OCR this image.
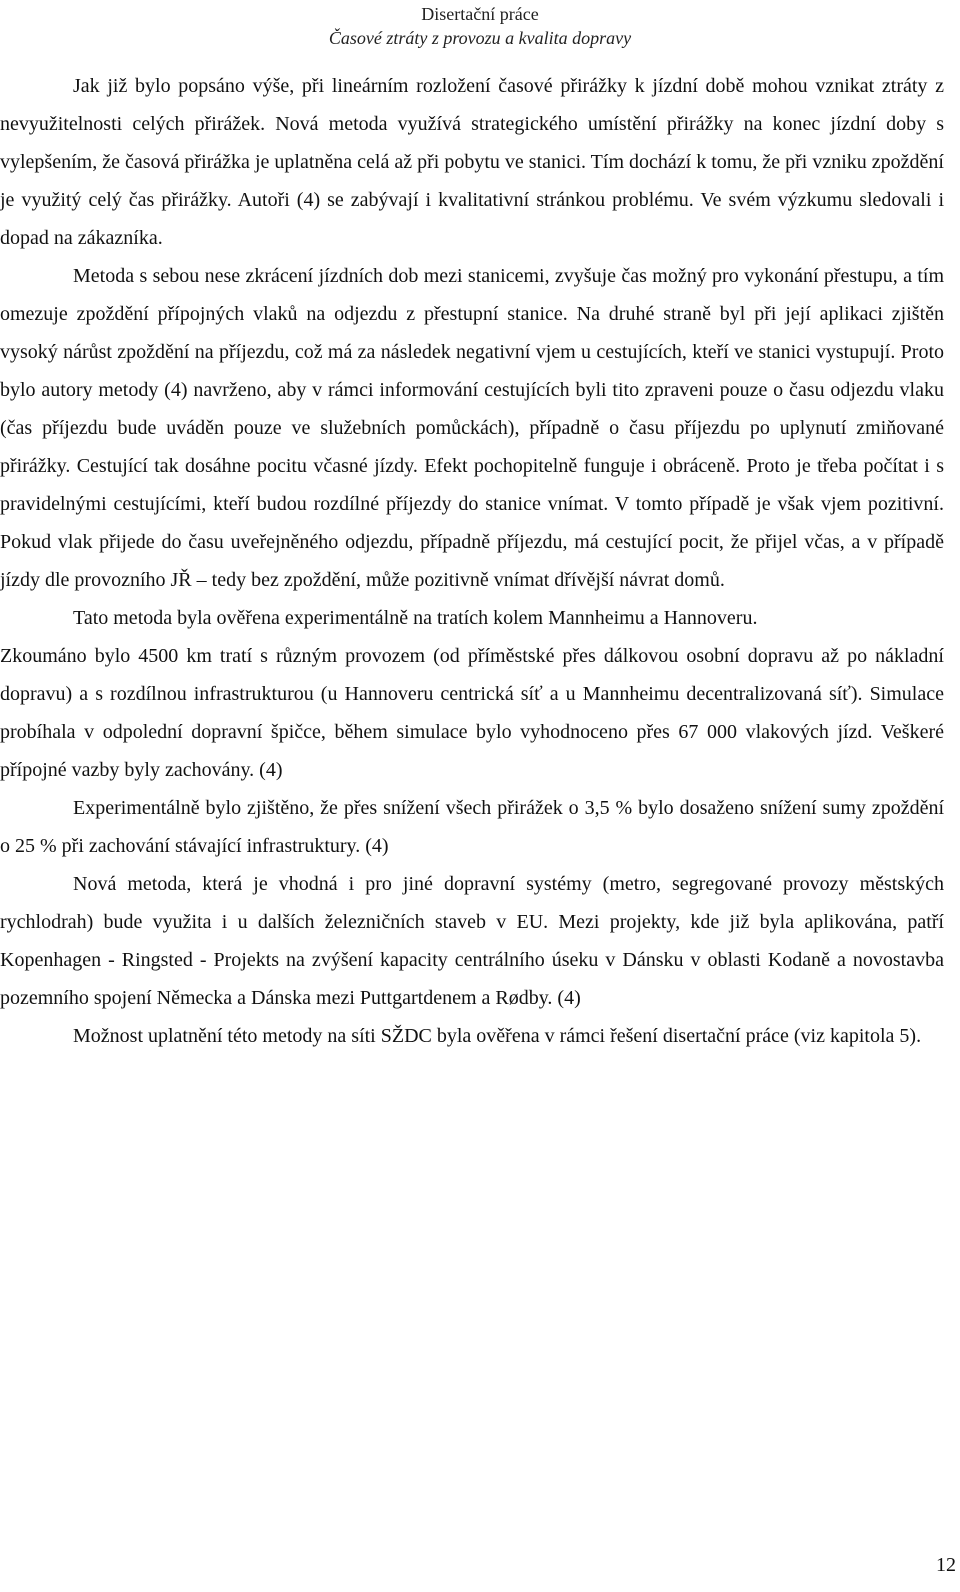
Disertační práce
Časové ztráty z provozu a kvalita dopravy

Jak již bylo popsáno výše, při lineárním rozložení časové přirážky k jízdní době mohou vznikat ztráty z nevyužitelnosti celých přirážek. Nová metoda využívá strategického umístění přirážky na konec jízdní doby s vylepšením, že časová přirážka je uplatněna celá až při pobytu ve stanici. Tím dochází k tomu, že při vzniku zpoždění je využitý celý čas přirážky. Autoři (4) se zabývají i kvalitativní stránkou problému. Ve svém výzkumu sledovali i dopad na zákazníka.

Metoda s sebou nese zkrácení jízdních dob mezi stanicemi, zvyšuje čas možný pro vykonání přestupu, a tím omezuje zpoždění přípojných vlaků na odjezdu z přestupní stanice. Na druhé straně byl při její aplikaci zjištěn vysoký nárůst zpoždění na příjezdu, což má za následek negativní vjem u cestujících, kteří ve stanici vystupují. Proto bylo autory metody (4) navrženo, aby v rámci informování cestujících byli tito zpraveni pouze o času odjezdu vlaku (čas příjezdu bude uváděn pouze ve služebních pomůckách), případně o času příjezdu po uplynutí zmiňované přirážky. Cestující tak dosáhne pocitu včasné jízdy. Efekt pochopitelně funguje i obráceně. Proto je třeba počítat i s pravidelnými cestujícími, kteří budou rozdílné příjezdy do stanice vnímat. V tomto případě je však vjem pozitivní. Pokud vlak přijede do času uveřejněného odjezdu, případně příjezdu, má cestující pocit, že přijel včas, a v případě jízdy dle provozního JŘ – tedy bez zpoždění, může pozitivně vnímat dřívější návrat domů.

Tato metoda byla ověřena experimentálně na tratích kolem Mannheimu a Hannoveru.

Zkoumáno bylo 4500 km tratí s různým provozem (od příměstské přes dálkovou osobní dopravu až po nákladní dopravu) a s rozdílnou infrastrukturou (u Hannoveru centrická síť a u Mannheimu decentralizovaná síť). Simulace probíhala v odpolední dopravní špičce, během simulace bylo vyhodnoceno přes 67 000 vlakových jízd. Veškeré přípojné vazby byly zachovány. (4)

Experimentálně bylo zjištěno, že přes snížení všech přirážek o 3,5 % bylo dosaženo snížení sumy zpoždění o 25 % při zachování stávající infrastruktury. (4)

Nová metoda, která je vhodná i pro jiné dopravní systémy (metro, segregované provozy městských rychlodrah) bude využita i u dalších železničních staveb v EU. Mezi projekty, kde již byla aplikována, patří Kopenhagen - Ringsted - Projekts na zvýšení kapacity centrálního úseku v Dánsku v oblasti Kodaně a novostavba pozemního spojení Německa a Dánska mezi Puttgartdenem a Rødby. (4)

Možnost uplatnění této metody na síti SŽDC byla ověřena v rámci řešení disertační práce (viz kapitola 5).

12
